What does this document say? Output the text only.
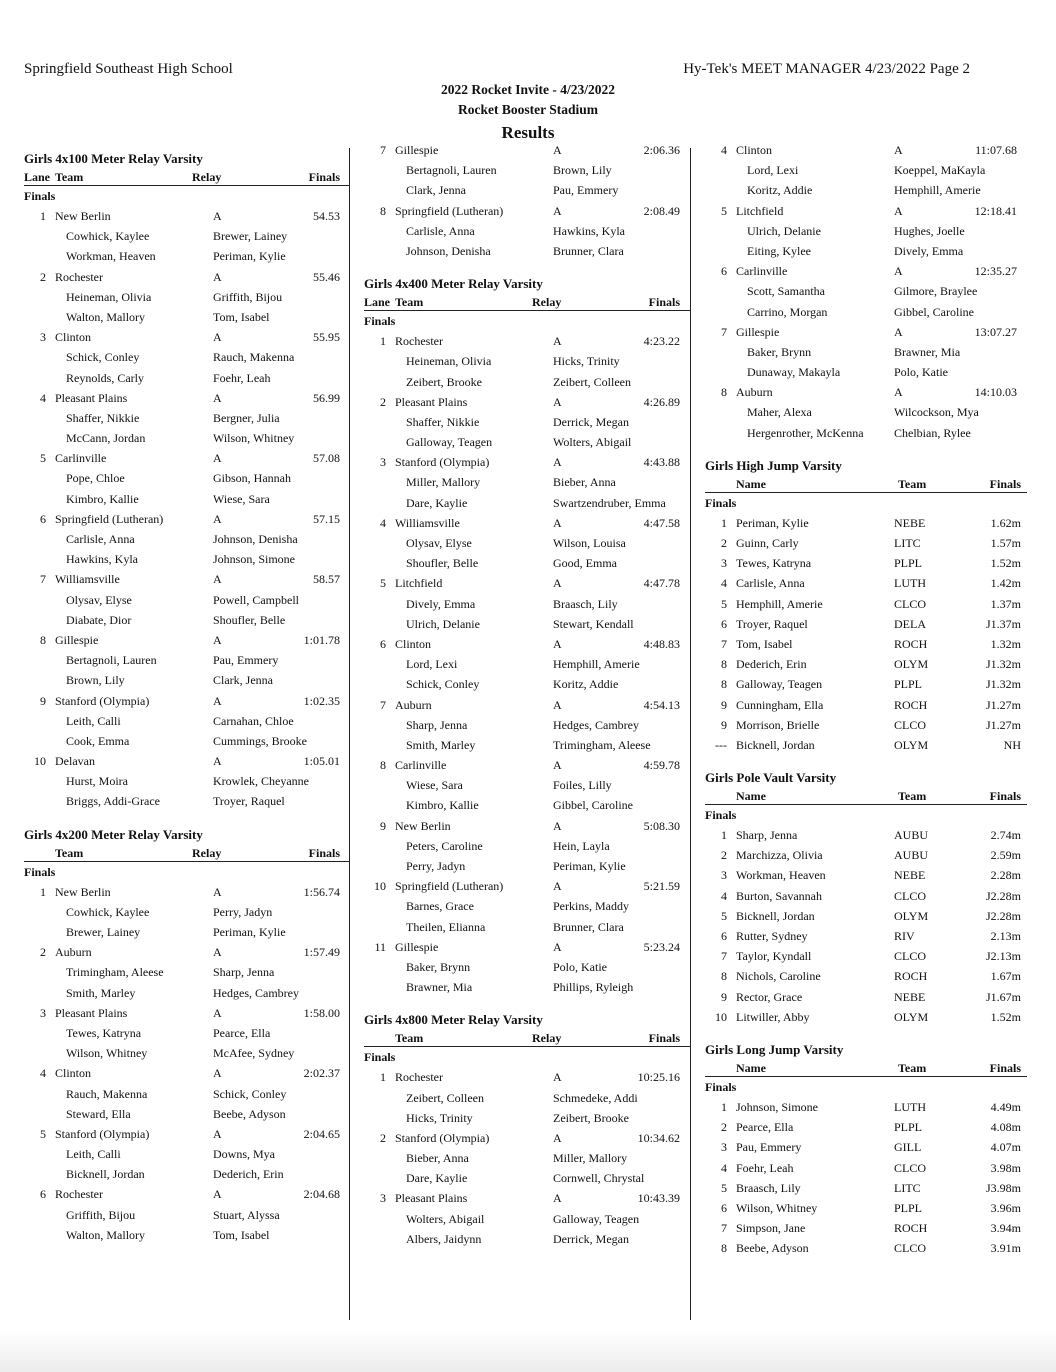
Springfield Southeast High School	Hy-Tek's MEET MANAGER 4/23/2022 Page 2
2022 Rocket Invite - 4/23/2022
Rocket Booster Stadium
Results
Girls 4x100 Meter Relay Varsity
Lane Team	Relay	Finals
Finals
1 New Berlin	A	54.53
Cowhick, Kaylee	Brewer, Lainey
Workman, Heaven	Periman, Kylie
2 Rochester	A	55.46
Heineman, Olivia	Griffith, Bijou
Walton, Mallory	Tom, Isabel
3 Clinton	A	55.95
Schick, Conley	Rauch, Makenna
Reynolds, Carly	Foehr, Leah
4 Pleasant Plains	A	56.99
Shaffer, Nikkie	Bergner, Julia
McCann, Jordan	Wilson, Whitney
5 Carlinville	A	57.08
Pope, Chloe	Gibson, Hannah
Kimbro, Kallie	Wiese, Sara
6 Springfield (Lutheran)	A	57.15
Carlisle, Anna	Johnson, Denisha
Hawkins, Kyla	Johnson, Simone
7 Williamsville	A	58.57
Olysav, Elyse	Powell, Campbell
Diabate, Dior	Shoufler, Belle
8 Gillespie	A	1:01.78
Bertagnoli, Lauren	Pau, Emmery
Brown, Lily	Clark, Jenna
9 Stanford (Olympia)	A	1:02.35
Leith, Calli	Carnahan, Chloe
Cook, Emma	Cummings, Brooke
10 Delavan	A	1:05.01
Hurst, Moira	Krowlek, Cheyanne
Briggs, Addi-Grace	Troyer, Raquel
Girls 4x200 Meter Relay Varsity
Team	Relay	Finals
Finals
1 New Berlin	A	1:56.74
Cowhick, Kaylee	Perry, Jadyn
Brewer, Lainey	Periman, Kylie
2 Auburn	A	1:57.49
Trimingham, Aleese	Sharp, Jenna
Smith, Marley	Hedges, Cambrey
3 Pleasant Plains	A	1:58.00
Tewes, Katryna	Pearce, Ella
Wilson, Whitney	McAfee, Sydney
4 Clinton	A	2:02.37
Rauch, Makenna	Schick, Conley
Steward, Ella	Beebe, Adyson
5 Stanford (Olympia)	A	2:04.65
Leith, Calli	Downs, Mya
Bicknell, Jordan	Dederich, Erin
6 Rochester	A	2:04.68
Griffith, Bijou	Stuart, Alyssa
Walton, Mallory	Tom, Isabel
7 Gillespie	A	2:06.36
Bertagnoli, Lauren	Brown, Lily
Clark, Jenna	Pau, Emmery
8 Springfield (Lutheran)	A	2:08.49
Carlisle, Anna	Hawkins, Kyla
Johnson, Denisha	Brunner, Clara
Girls 4x400 Meter Relay Varsity
Lane Team	Relay	Finals
Finals
1 Rochester	A	4:23.22
Heineman, Olivia	Hicks, Trinity
Zeibert, Brooke	Zeibert, Colleen
2 Pleasant Plains	A	4:26.89
Shaffer, Nikkie	Derrick, Megan
Galloway, Teagen	Wolters, Abigail
3 Stanford (Olympia)	A	4:43.88
Miller, Mallory	Bieber, Anna
Dare, Kaylie	Swartzendruber, Emma
4 Williamsville	A	4:47.58
Olysav, Elyse	Wilson, Louisa
Shoufler, Belle	Good, Emma
5 Litchfield	A	4:47.78
Dively, Emma	Braasch, Lily
Ulrich, Delanie	Stewart, Kendall
6 Clinton	A	4:48.83
Lord, Lexi	Hemphill, Amerie
Schick, Conley	Koritz, Addie
7 Auburn	A	4:54.13
Sharp, Jenna	Hedges, Cambrey
Smith, Marley	Trimingham, Aleese
8 Carlinville	A	4:59.78
Wiese, Sara	Foiles, Lilly
Kimbro, Kallie	Gibbel, Caroline
9 New Berlin	A	5:08.30
Peters, Caroline	Hein, Layla
Perry, Jadyn	Periman, Kylie
10 Springfield (Lutheran)	A	5:21.59
Barnes, Grace	Perkins, Maddy
Theilen, Elianna	Brunner, Clara
11 Gillespie	A	5:23.24
Baker, Brynn	Polo, Katie
Brawner, Mia	Phillips, Ryleigh
Girls 4x800 Meter Relay Varsity
Team	Relay	Finals
Finals
1 Rochester	A	10:25.16
Zeibert, Colleen	Schmedeke, Addi
Hicks, Trinity	Zeibert, Brooke
2 Stanford (Olympia)	A	10:34.62
Bieber, Anna	Miller, Mallory
Dare, Kaylie	Cornwell, Chrystal
3 Pleasant Plains	A	10:43.39
Wolters, Abigail	Galloway, Teagen
Albers, Jaidynn	Derrick, Megan
4 Clinton	A	11:07.68
Lord, Lexi	Koeppel, MaKayla
Koritz, Addie	Hemphill, Amerie
5 Litchfield	A	12:18.41
Ulrich, Delanie	Hughes, Joelle
Eiting, Kylee	Dively, Emma
6 Carlinville	A	12:35.27
Scott, Samantha	Gilmore, Braylee
Carrino, Morgan	Gibbel, Caroline
7 Gillespie	A	13:07.27
Baker, Brynn	Brawner, Mia
Dunaway, Makayla	Polo, Katie
8 Auburn	A	14:10.03
Maher, Alexa	Wilcockson, Mya
Hergenrother, McKenna	Chelbian, Rylee
Girls High Jump Varsity
Name	Team	Finals
Finals
1 Periman, Kylie	NEBE	1.62m
2 Guinn, Carly	LITC	1.57m
3 Tewes, Katryna	PLPL	1.52m
4 Carlisle, Anna	LUTH	1.42m
5 Hemphill, Amerie	CLCO	1.37m
6 Troyer, Raquel	DELA	J1.37m
7 Tom, Isabel	ROCH	1.32m
8 Dederich, Erin	OLYM	J1.32m
8 Galloway, Teagen	PLPL	J1.32m
9 Cunningham, Ella	ROCH	J1.27m
9 Morrison, Brielle	CLCO	J1.27m
--- Bicknell, Jordan	OLYM	NH
Girls Pole Vault Varsity
Name	Team	Finals
Finals
1 Sharp, Jenna	AUBU	2.74m
2 Marchizza, Olivia	AUBU	2.59m
3 Workman, Heaven	NEBE	2.28m
4 Burton, Savannah	CLCO	J2.28m
5 Bicknell, Jordan	OLYM	J2.28m
6 Rutter, Sydney	RIV	2.13m
7 Taylor, Kyndall	CLCO	J2.13m
8 Nichols, Caroline	ROCH	1.67m
9 Rector, Grace	NEBE	J1.67m
10 Litwiller, Abby	OLYM	1.52m
Girls Long Jump Varsity
Name	Team	Finals
Finals
1 Johnson, Simone	LUTH	4.49m
2 Pearce, Ella	PLPL	4.08m
3 Pau, Emmery	GILL	4.07m
4 Foehr, Leah	CLCO	3.98m
5 Braasch, Lily	LITC	J3.98m
6 Wilson, Whitney	PLPL	3.96m
7 Simpson, Jane	ROCH	3.94m
8 Beebe, Adyson	CLCO	3.91m
